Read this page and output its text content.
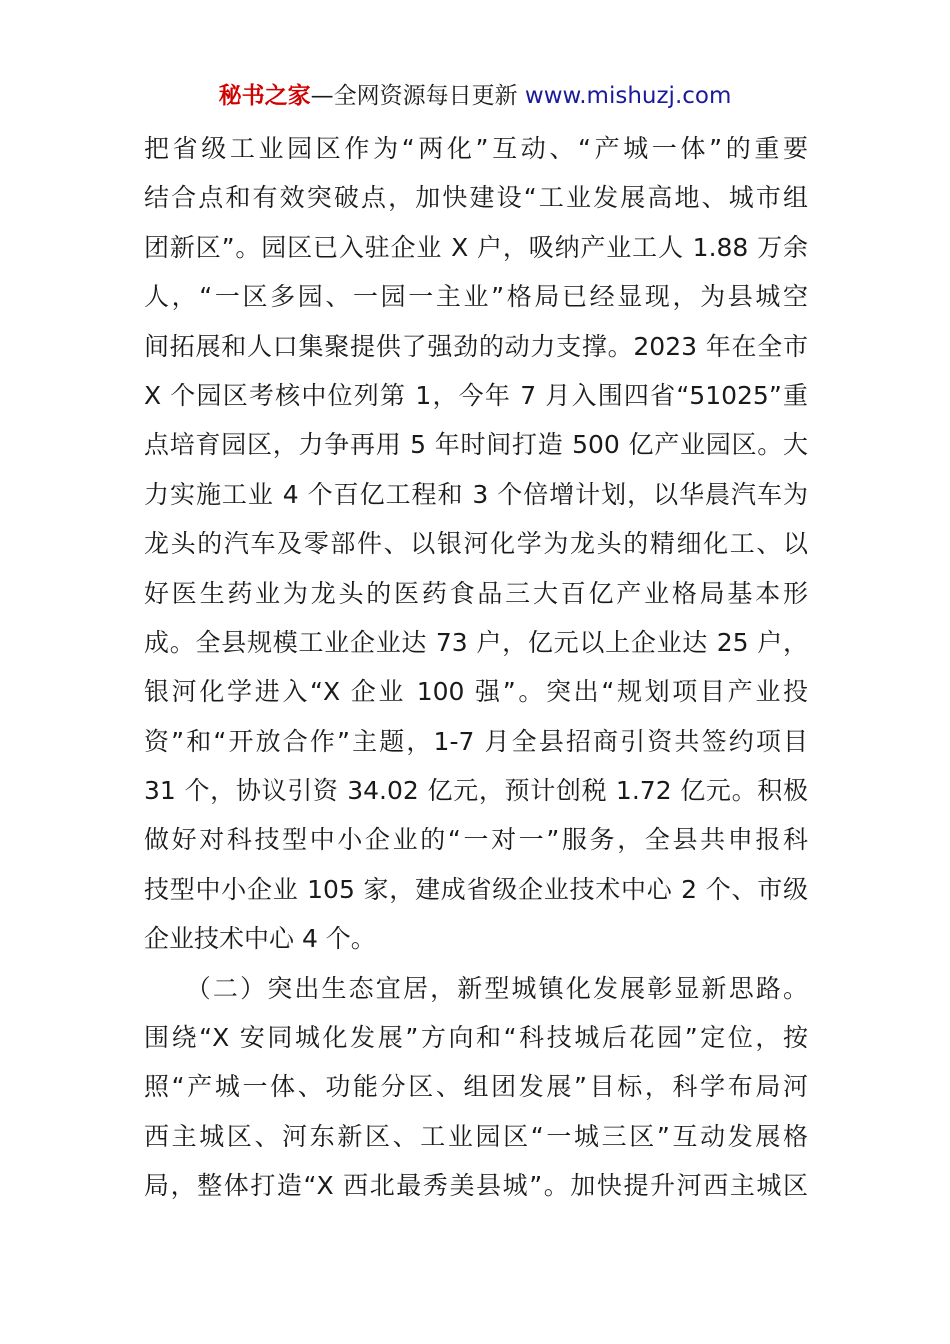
秘书之家—全网资源每日更新 www.mishuzj.com
把省级工业园区作为“两化”互动、“产城一体”的重要
结合点和有效突破点，加快建设“工业发展高地、城市组
团新区”。园区已入驻企业 X 户，吸纳产业工人 1.88 万余
人，“一区多园、一园一主业”格局已经显现，为县城空
间拓展和人口集聚提供了强劲的动力支撑。2023 年在全市
X 个园区考核中位列第 1，今年 7 月入围四省“51025”重
点培育园区，力争再用 5 年时间打造 500 亿产业园区。大
力实施工业 4 个百亿工程和 3 个倍增计划，以华晨汽车为
龙头的汽车及零部件、以银河化学为龙头的精细化工、以
好医生药业为龙头的医药食品三大百亿产业格局基本形
成。全县规模工业企业达 73 户，亿元以上企业达 25 户，
银河化学进入“X 企业 100 强”。突出“规划项目产业投
资”和“开放合作”主题，1-7 月全县招商引资共签约项目
31 个，协议引资 34.02 亿元，预计创税 1.72 亿元。积极
做好对科技型中小企业的“一对一”服务，全县共申报科
技型中小企业 105 家，建成省级企业技术中心 2 个、市级
企业技术中心 4 个。
　　（二）突出生态宜居，新型城镇化发展彰显新思路。
围绕“X 安同城化发展”方向和“科技城后花园”定位，按
照“产城一体、功能分区、组团发展”目标，科学布局河
西主城区、河东新区、工业园区“一城三区”互动发展格
局，整体打造“X 西北最秀美县城”。加快提升河西主城区
